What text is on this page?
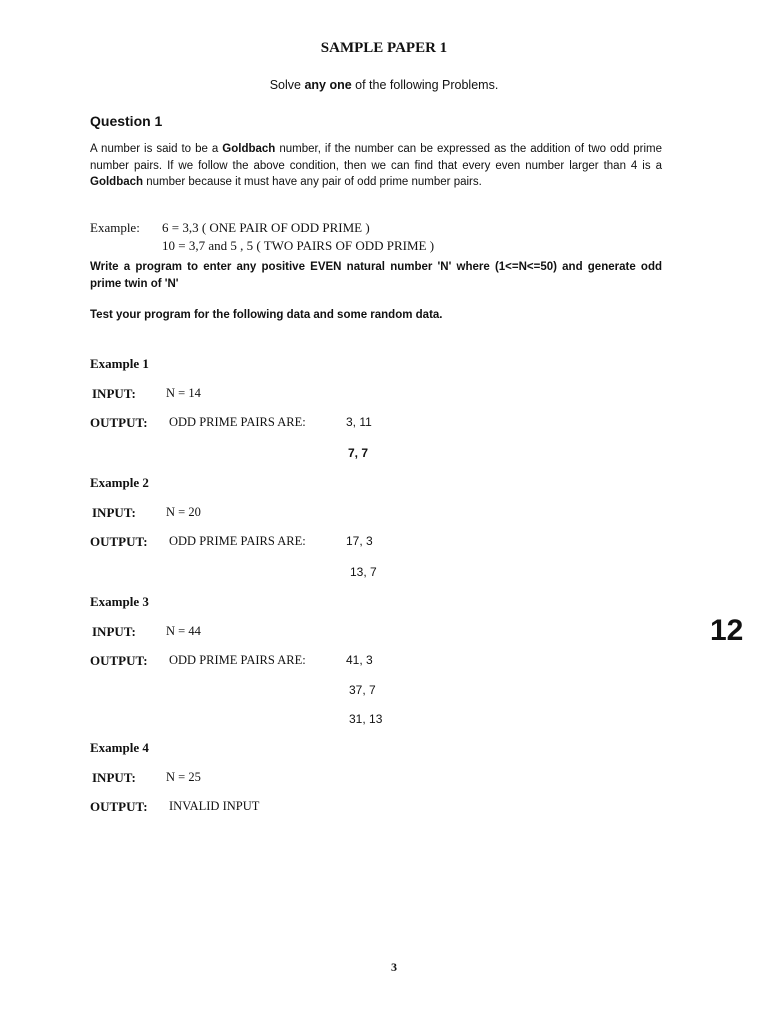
SAMPLE PAPER 1
Solve any one of the following Problems.
Question 1
A number is said to be a Goldbach number, if the number can be expressed as the addition of two odd prime number pairs. If we follow the above condition, then we can find that every even number larger than 4 is a Goldbach number because it must have any pair of odd prime number pairs.
Example: 6 = 3,3 ( ONE PAIR OF ODD PRIME )
10 = 3,7 and 5 , 5 ( TWO PAIRS OF ODD PRIME )
Write a program to enter any positive EVEN natural number 'N' where (1<=N<=50) and generate odd prime twin of 'N'
Test your program for the following data and some random data.
Example 1
INPUT: N = 14
OUTPUT: ODD PRIME PAIRS ARE:	3, 11
7, 7
Example 2
INPUT: N = 20
OUTPUT: ODD PRIME PAIRS ARE:	17, 3
13, 7
Example 3
INPUT: N = 44
OUTPUT: ODD PRIME PAIRS ARE:	41, 3
37, 7
31, 13
Example 4
INPUT: N = 25
OUTPUT: INVALID INPUT
12
3
